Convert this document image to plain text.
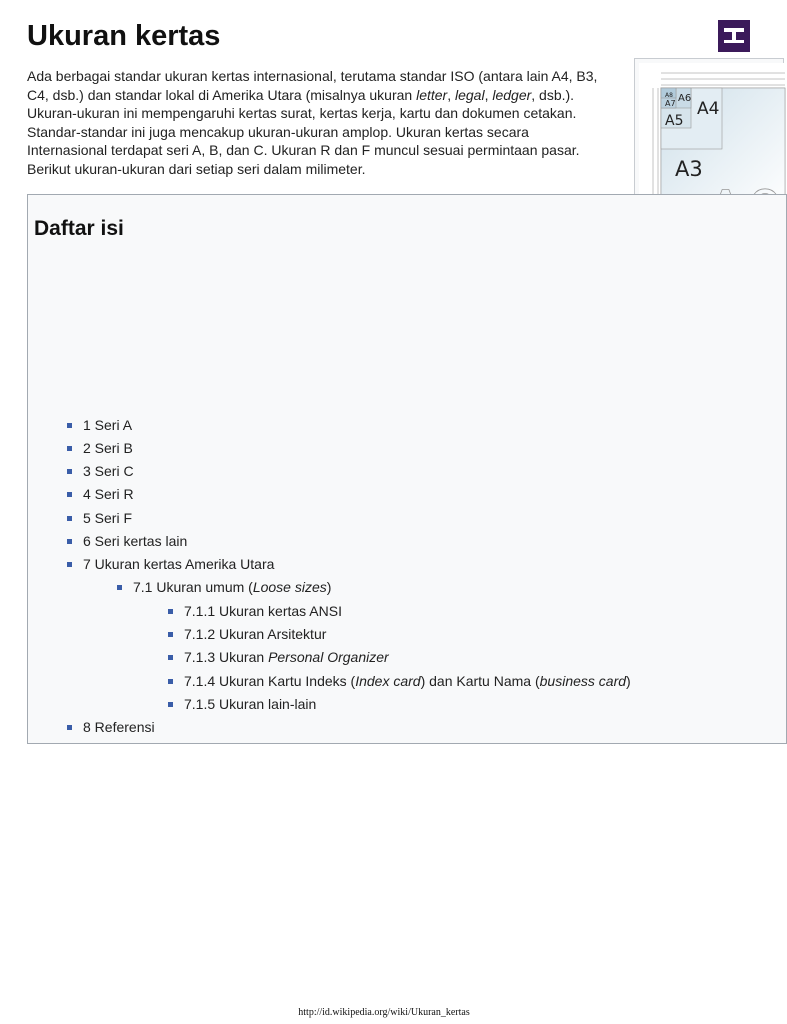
Ukuran kertas

Ada berbagai standar ukuran kertas internasional, terutama standar ISO (antara lain A4, B3, C4, dsb.) dan standar lokal di Amerika Utara (misalnya ukuran letter, legal, ledger, dsb.). Ukuran-ukuran ini mempengaruhi kertas surat, kertas kerja, kartu dan dokumen cetakan. Standar-standar ini juga mencakup ukuran-ukuran amplop. Ukuran kertas secara Internasional terdapat seri A, B, dan C. Ukuran R dan F muncul sesuai permintaan pasar. Berikut ukuran-ukuran dari setiap seri dalam milimeter.

A8
A7 A6
A5
A4
A3
Daftar isi
1 Seri A
2 Seri B
3 Seri C
4 Seri R
5 Seri F
6 Seri kertas lain
7 Ukuran kertas Amerika Utara
7.1 Ukuran umum (Loose sizes)
7.1.1 Ukuran kertas ANSI
7.1.2 Ukuran Arsitektur
7.1.3 Ukuran Personal Organizer
7.1.4 Ukuran Kartu Indeks (Index card) dan Kartu Nama (business card)
7.1.5 Ukuran lain-lain
8 Referensi
http://id.wikipedia.org/wiki/Ukuran_kertas
